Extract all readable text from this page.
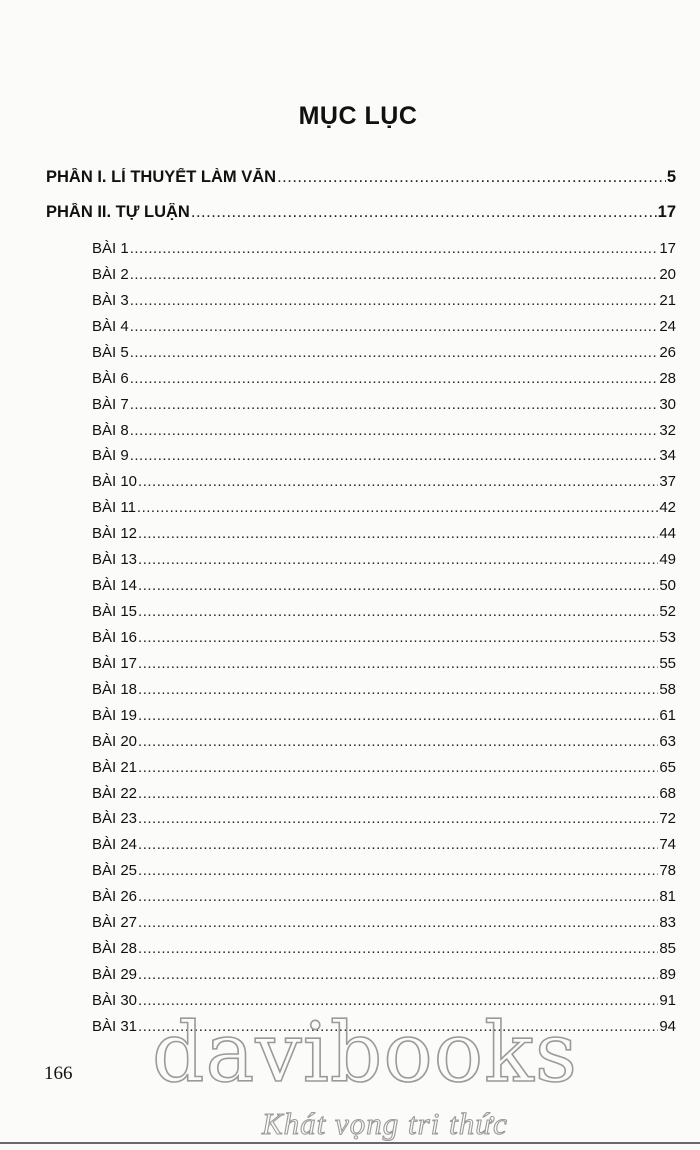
MỤC LỤC
PHẦN I. LÍ THUYẾT LÀM VĂN .....	5
PHẦN II. TỰ LUẬN .....	17
BÀI 1 .....	17
BÀI 2 .....	20
BÀI 3 .....	21
BÀI 4 .....	24
BÀI 5 .....	26
BÀI 6 .....	28
BÀI 7 .....	30
BÀI 8 .....	32
BÀI 9 .....	34
BÀI 10 .....	37
BÀI 11 .....	42
BÀI 12 .....	44
BÀI 13 .....	49
BÀI 14 .....	50
BÀI 15 .....	52
BÀI 16 .....	53
BÀI 17 .....	55
BÀI 18 .....	58
BÀI 19 .....	61
BÀI 20 .....	63
BÀI 21 .....	65
BÀI 22 .....	68
BÀI 23 .....	72
BÀI 24 .....	74
BÀI 25 .....	78
BÀI 26 .....	81
BÀI 27 .....	83
BÀI 28 .....	85
BÀI 29 .....	89
BÀI 30 .....	91
BÀI 31 .....	94
166 davibooks
Khát vọng tri thức
